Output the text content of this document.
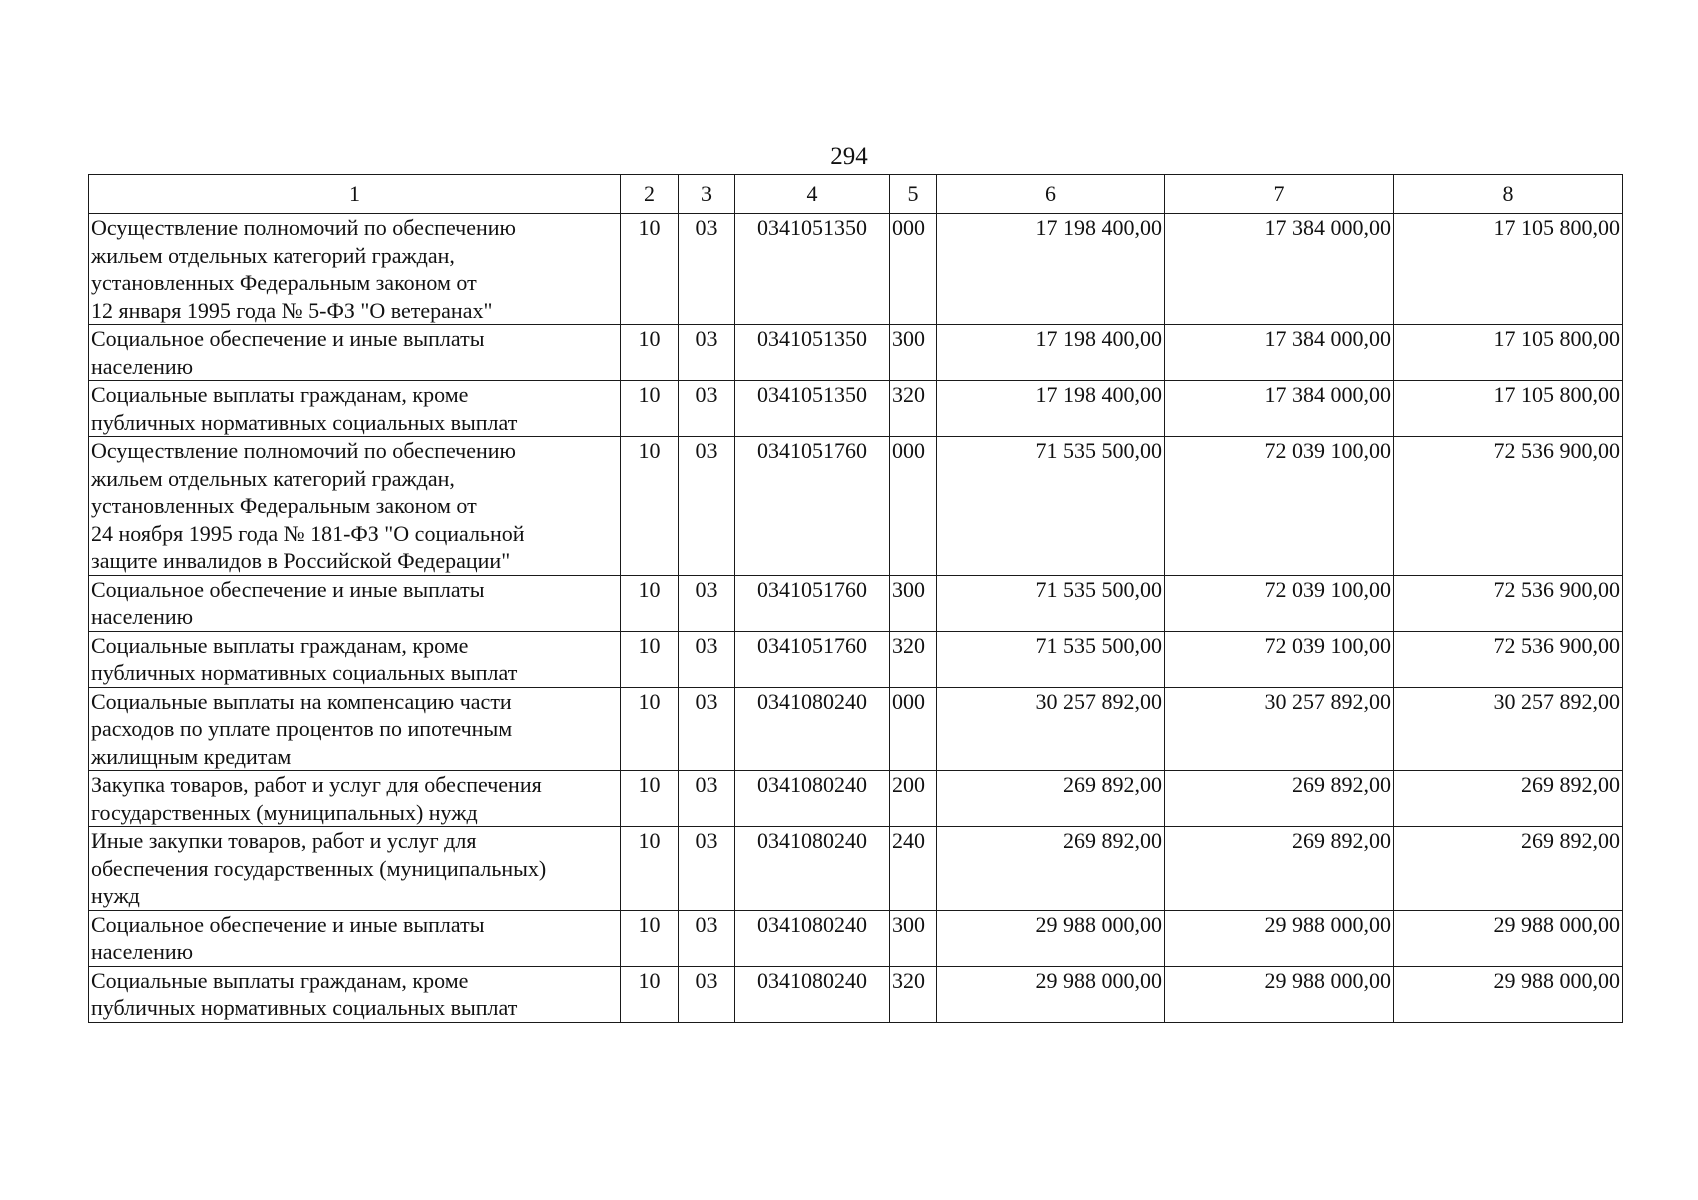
294
1	2	3	4	5	6	7	8

Осуществление полномочий по обеспечению
жильем отдельных категорий граждан,
установленных Федеральным законом от
12 января 1995 года № 5-ФЗ "О ветеранах"	10	03	0341051350	000	17 198 400,00	17 384 000,00	17 105 800,00

Социальное обеспечение и иные выплаты
населению	10	03	0341051350	300	17 198 400,00	17 384 000,00	17 105 800,00

Социальные выплаты гражданам, кроме
публичных нормативных социальных выплат	10	03	0341051350	320	17 198 400,00	17 384 000,00	17 105 800,00

Осуществление полномочий по обеспечению
жильем отдельных категорий граждан,
установленных Федеральным законом от
24 ноября 1995 года № 181-ФЗ "О социальной
защите инвалидов в Российской Федерации"	10	03	0341051760	000	71 535 500,00	72 039 100,00	72 536 900,00

Социальное обеспечение и иные выплаты
населению	10	03	0341051760	300	71 535 500,00	72 039 100,00	72 536 900,00

Социальные выплаты гражданам, кроме
публичных нормативных социальных выплат	10	03	0341051760	320	71 535 500,00	72 039 100,00	72 536 900,00

Социальные выплаты на компенсацию части
расходов по уплате процентов по ипотечным
жилищным кредитам	10	03	0341080240	000	30 257 892,00	30 257 892,00	30 257 892,00

Закупка товаров, работ и услуг для обеспечения
государственных (муниципальных) нужд	10	03	0341080240	200	269 892,00	269 892,00	269 892,00

Иные закупки товаров, работ и услуг для
обеспечения государственных (муниципальных)
нужд	10	03	0341080240	240	269 892,00	269 892,00	269 892,00

Социальное обеспечение и иные выплаты
населению	10	03	0341080240	300	29 988 000,00	29 988 000,00	29 988 000,00

Социальные выплаты гражданам, кроме
публичных нормативных социальных выплат	10	03	0341080240	320	29 988 000,00	29 988 000,00	29 988 000,00
